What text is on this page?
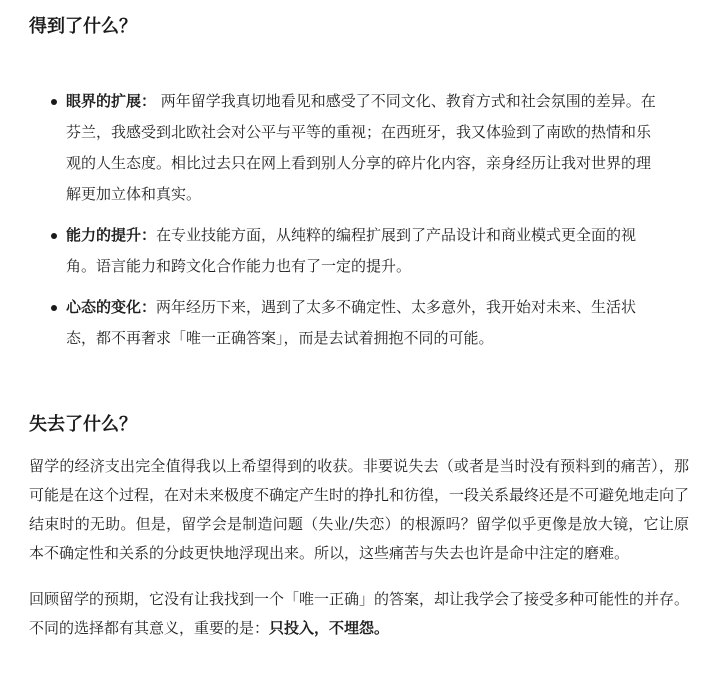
得到了什么？
眼界的扩展： 两年留学我真切地看见和感受了不同文化、教育方式和社会氛围的差异。在芬兰，我感受到北欧社会对公平与平等的重视；在西班牙，我又体验到了南欧的热情和乐观的人生态度。相比过去只在网上看到别人分享的碎片化内容，亲身经历让我对世界的理解更加立体和真实。
能力的提升：在专业技能方面，从纯粹的编程扩展到了产品设计和商业模式更全面的视角。语言能力和跨文化合作能力也有了一定的提升。
心态的变化：两年经历下来，遇到了太多不确定性、太多意外，我开始对未来、生活状态，都不再奢求「唯一正确答案」，而是去试着拥抱不同的可能。
失去了什么？

留学的经济支出完全值得我以上希望得到的收获。非要说失去（或者是当时没有预料到的痛苦），那可能是在这个过程，在对未来极度不确定产生时的挣扎和彷徨，一段关系最终还是不可避免地走向了结束时的无助。但是，留学会是制造问题（失业/失恋）的根源吗？留学似乎更像是放大镜，它让原本不确定性和关系的分歧更快地浮现出来。所以，这些痛苦与失去也许是命中注定的磨难。

回顾留学的预期，它没有让我找到一个「唯一正确」的答案，却让我学会了接受多种可能性的并存。不同的选择都有其意义，重要的是：只投入，不埋怨。
